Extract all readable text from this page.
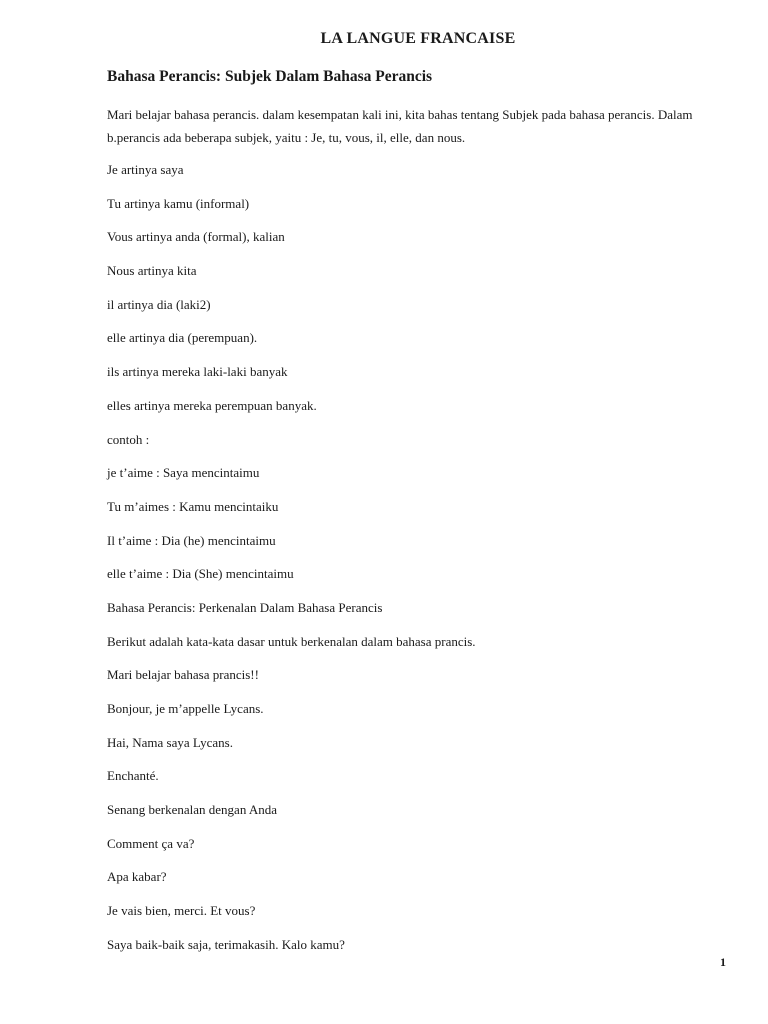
LA LANGUE FRANCAISE
Bahasa Perancis: Subjek Dalam Bahasa Perancis
Mari belajar bahasa perancis. dalam kesempatan kali ini, kita bahas tentang Subjek pada bahasa perancis. Dalam b.perancis ada beberapa subjek, yaitu : Je, tu, vous, il, elle, dan nous.
Je artinya saya
Tu artinya kamu (informal)
Vous artinya anda (formal), kalian
Nous artinya kita
il artinya dia (laki2)
elle artinya dia (perempuan).
ils artinya mereka laki-laki banyak
elles artinya mereka perempuan banyak.
contoh :
je t’aime : Saya mencintaimu
Tu m’aimes : Kamu mencintaiku
Il t’aime : Dia (he) mencintaimu
elle t’aime : Dia (She) mencintaimu
Bahasa Perancis: Perkenalan Dalam Bahasa Perancis
Berikut adalah kata-kata dasar untuk berkenalan dalam bahasa prancis.
Mari belajar bahasa prancis!!
Bonjour, je m’appelle Lycans.
Hai, Nama saya Lycans.
Enchanté.
Senang berkenalan dengan Anda
Comment ça va?
Apa kabar?
Je vais bien, merci. Et vous?
Saya baik-baik saja, terimakasih. Kalo kamu?
1
